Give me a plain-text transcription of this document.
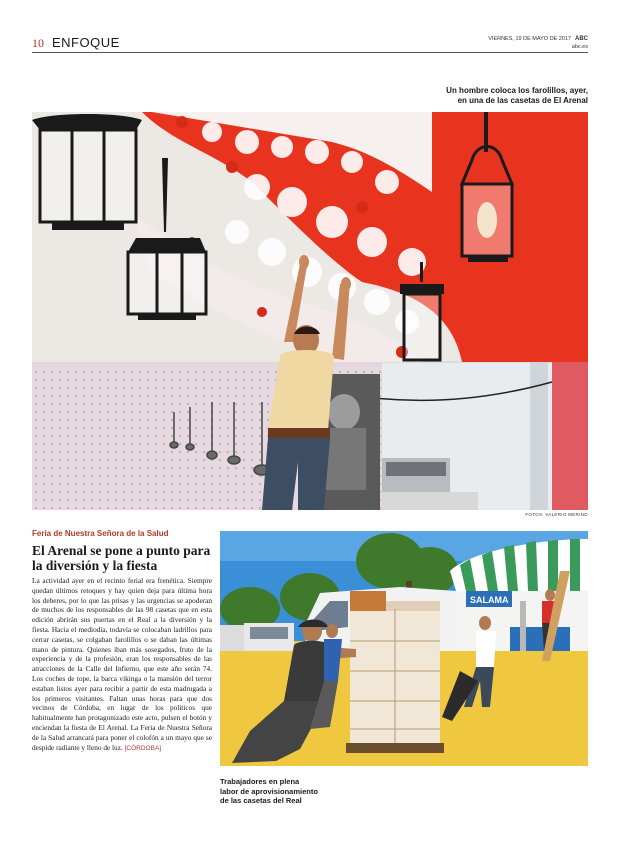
10 ENFOQUE	VIERNES, 19 DE MAYO DE 2017 ABC
abc.es
Un hombre coloca los farolillos, ayer,
en una de las casetas de El Arenal
FOTOS: VALERIO MERINO
Feria de Nuestra Señora de la Salud
El Arenal se pone a punto para la diversión y la fiesta

La actividad ayer en el recinto ferial era frenética. Siempre quedan últimos retoques y hay quien deja para última hora los deberes, por lo que las prisas y las urgencias se apoderan de muchos de los responsables de las 98 casetas que en esta edición abrirán sus puertas en el Real a la diversión y la fiesta. Hacia el mediodía, todavía se colocaban ladrillos para cerrar casetas, se colgaban farolillos o se daban las últimas mano de pintura. Quienes iban más sosegados, fruto de la experiencia y de la profesión, eran los responsables de las atracciones de la Calle del Infierno, que este año serán 74. Los coches de tope, la barca vikinga o la mansión del terror estaban listos ayer para recibir a partir de esta madrugada a los primeros visitantes. Faltan unas horas para que dos vecinos de Córdoba, en lugar de los políticos que habitualmente han protagonizado este acto, pulsen el botón y enciendan la fiesta de El Arenal. La Feria de Nuestra Señora de la Salud arrancará para poner el colofón a un mayo que se despide radiante y lleno de luz. [CÓRDOBA]

SALAMA

Trabajadores en plena
labor de aprovisionamiento
de las casetas del Real
